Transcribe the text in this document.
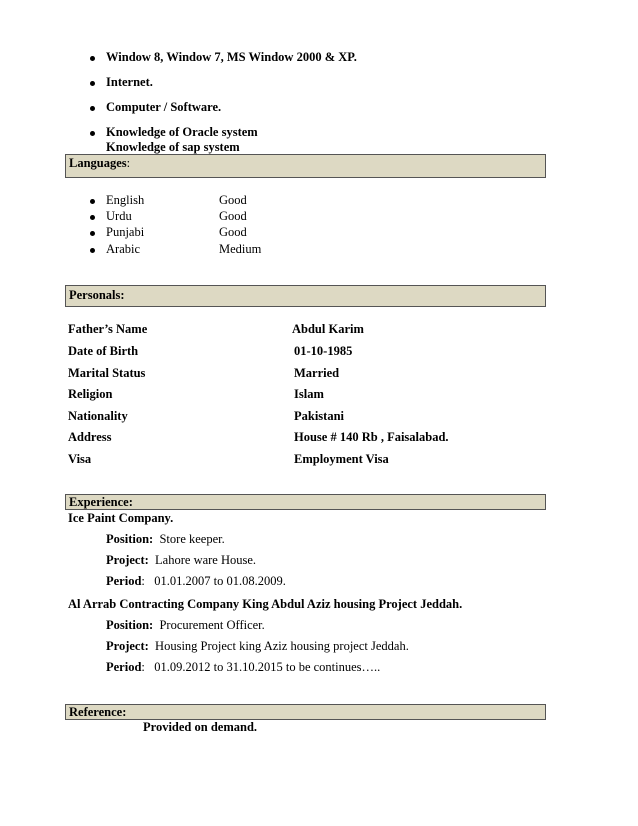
Window 8, Window 7, MS Window 2000 & XP.
Internet.
Computer / Software.
Knowledge of Oracle system
Knowledge of sap system
Languages:
English	Good
Urdu	Good
Punjabi	Good
Arabic	Medium
Personals:
Father’s Name	Abdul Karim
Date of Birth	01-10-1985
Marital Status	Married
Religion	Islam
Nationality	Pakistani
Address	House # 140 Rb , Faisalabad.
Visa	Employment Visa
Experience:
Ice Paint Company.
Position: Store keeper.
Project: Lahore ware House.
Period:   01.01.2007 to 01.08.2009.
Al Arrab Contracting Company King Abdul Aziz housing Project Jeddah.
Position: Procurement Officer.
Project: Housing Project king Aziz housing project Jeddah.
Period:   01.09.2012 to 31.10.2015 to be continues…..
Reference:
Provided on demand.
